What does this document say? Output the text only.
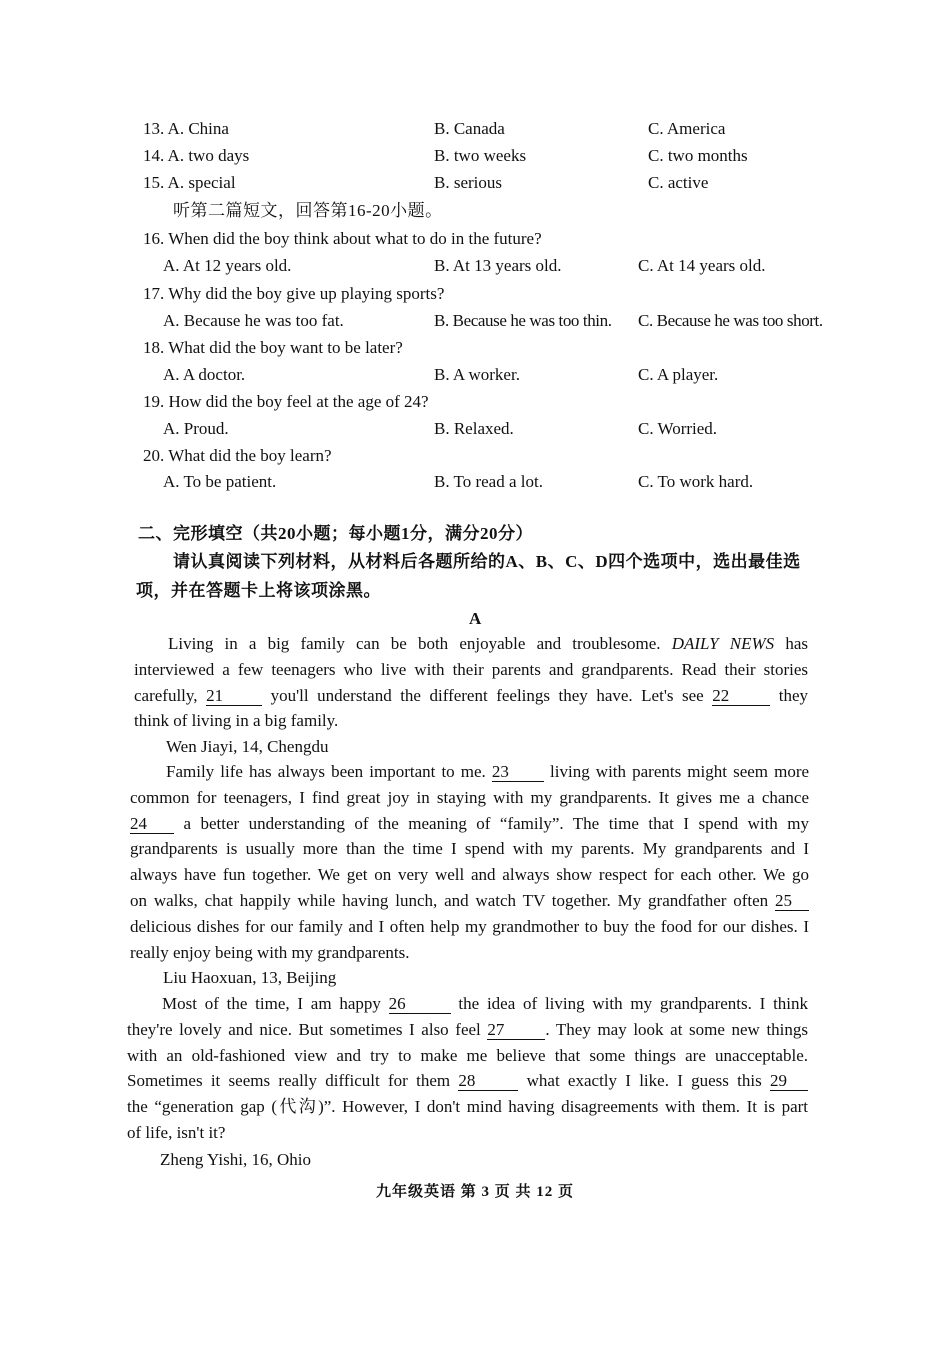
13. A. China	B. Canada	C. America
14. A. two days	B. two weeks	C. two months
15. A. special	B. serious	C. active
听第二篇短文，回答第16-20小题。
16. When did the boy think about what to do in the future?
A. At 12 years old.	B. At 13 years old.	C. At 14 years old.
17. Why did the boy give up playing sports?
A. Because he was too fat.	B. Because he was too thin. C. Because he was too short.
18. What did the boy want to be later?
A. A doctor.	B. A worker.	C. A player.
19. How did the boy feel at the age of 24?
A. Proud.	B. Relaxed.	C. Worried.
20. What did the boy learn?
A. To be patient.	B. To read a lot.	C. To work hard.
二、完形填空（共20小题；每小题1分，满分20分）
请认真阅读下列材料，从材料后各题所给的A、B、C、D四个选项中，选出最佳选
项，并在答题卡上将该项涂黑。
A
Living in a big family can be both enjoyable and troublesome. DAILY NEWS has
interviewed a few teenagers who live with their parents and grandparents. Read their stories
carefully, 21	you'll understand the different feelings they have. Let's see 22	they
think of living in a big family.
Wen Jiayi, 14, Chengdu
Family life has always been important to me. 23 living with parents might seem more
common for teenagers, I find great joy in staying with my grandparents. It gives me a chance
24 a better understanding of the meaning of “family”. The time that I spend with my
grandparents is usually more than the time I spend with my parents. My grandparents and I
always have fun together. We get on very well and always show respect for each other. We go
on walks, chat happily while having lunch, and watch TV together. My grandfather often 25
delicious dishes for our family and I often help my grandmother to buy the food for our dishes. I
really enjoy being with my grandparents.
Liu Haoxuan, 13, Beijing
Most of the time, I am happy 26	the idea of living with my grandparents. I think
they're lovely and nice. But sometimes I also feel 27 . They may look at some new things
with an old-fashioned view and try to make me believe that some things are unacceptable.
Sometimes it seems really difficult for them 28	what exactly I like. I guess this 29
the “generation gap (代沟)”. However, I don't mind having disagreements with them. It is part
of life, isn't it?
Zheng Yishi, 16, Ohio
九年级英语 第 3 页 共 12 页
